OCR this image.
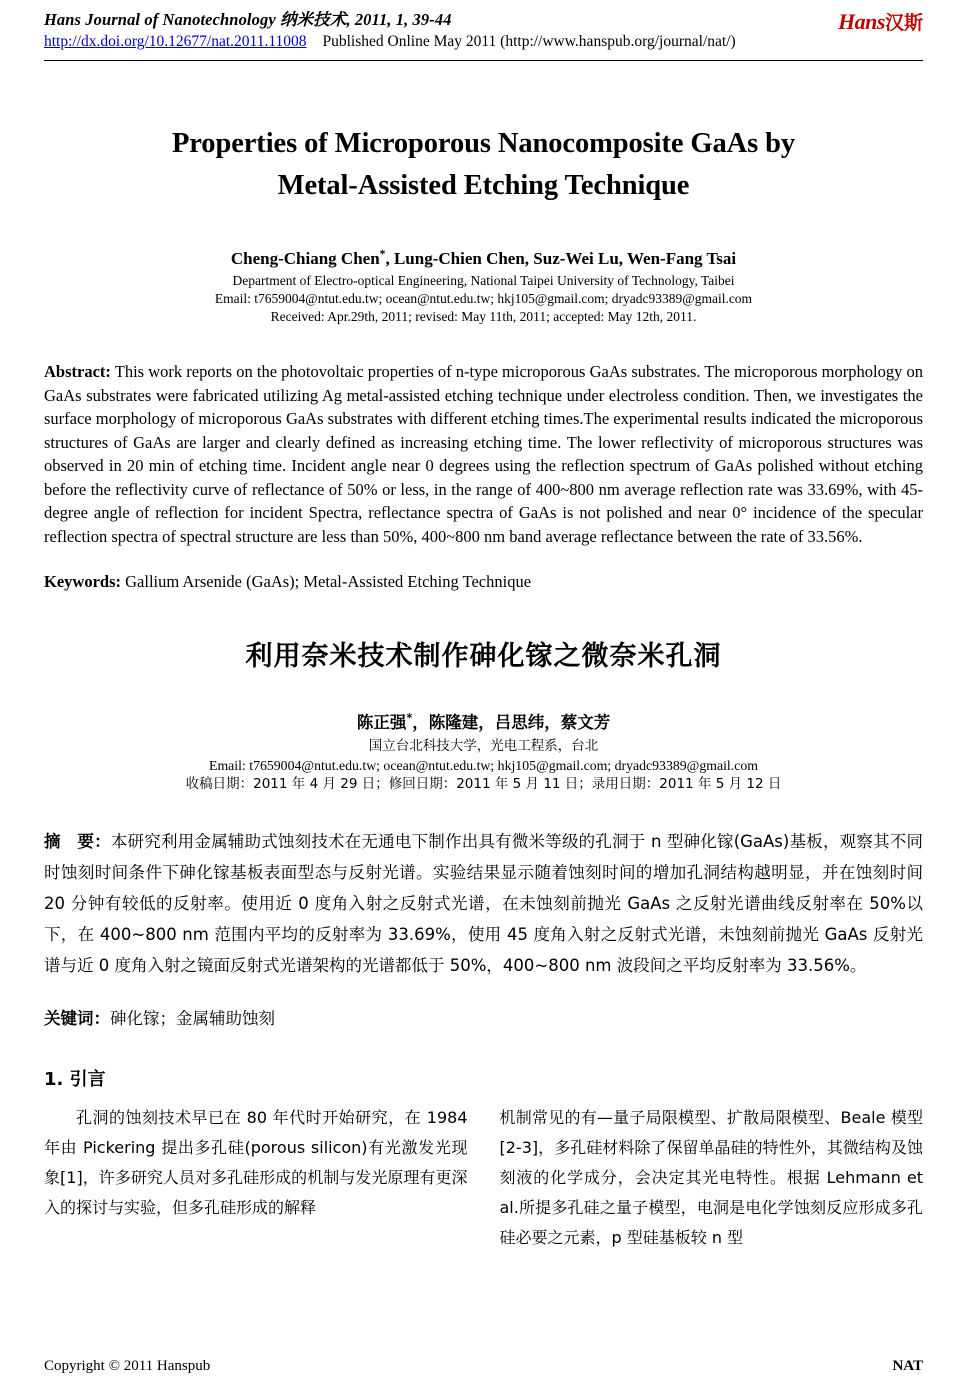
Hans Journal of Nanotechnology 纳米技术, 2011, 1, 39-44
http://dx.doi.org/10.12677/nat.2011.11008 Published Online May 2011 (http://www.hanspub.org/journal/nat/)
Hans汉斯
Properties of Microporous Nanocomposite GaAs by
Metal-Assisted Etching Technique
Cheng-Chiang Chen*, Lung-Chien Chen, Suz-Wei Lu, Wen-Fang Tsai
Department of Electro-optical Engineering, National Taipei University of Technology, Taibei
Email: t7659004@ntut.edu.tw; ocean@ntut.edu.tw; hkj105@gmail.com; dryadc93389@gmail.com
Received: Apr.29th, 2011; revised: May 11th, 2011; accepted: May 12th, 2011.
Abstract: This work reports on the photovoltaic properties of n-type microporous GaAs substrates. The microporous morphology on GaAs substrates were fabricated utilizing Ag metal-assisted etching technique under electroless condition. Then, we investigates the surface morphology of microporous GaAs substrates with different etching times.The experimental results indicated the microporous structures of GaAs are larger and clearly defined as increasing etching time. The lower reflectivity of microporous structures was observed in 20 min of etching time. Incident angle near 0 degrees using the reflection spectrum of GaAs polished without etching before the reflectivity curve of reflectance of 50% or less, in the range of 400~800 nm average reflection rate was 33.69%, with 45-degree angle of reflection for incident Spectra, reflectance spectra of GaAs is not polished and near 0° incidence of the specular reflection spectra of spectral structure are less than 50%, 400~800 nm band average reflectance between the rate of 33.56%.
Keywords: Gallium Arsenide (GaAs); Metal-Assisted Etching Technique
利用奈米技术制作砷化镓之微奈米孔洞
陈正强*，陈隆建，吕思纬，蔡文芳
国立台北科技大学，光电工程系，台北
Email: t7659004@ntut.edu.tw; ocean@ntut.edu.tw; hkj105@gmail.com; dryadc93389@gmail.com
收稿日期：2011 年 4 月 29 日；修回日期：2011 年 5 月 11 日；录用日期：2011 年 5 月 12 日
摘　要：本研究利用金属辅助式蚀刻技术在无通电下制作出具有微米等级的孔洞于 n 型砷化镓(GaAs)基板，观察其不同时蚀刻时间条件下砷化镓基板表面型态与反射光谱。实验结果显示随着蚀刻时间的增加孔洞结构越明显，并在蚀刻时间 20 分钟有较低的反射率。使用近 0 度角入射之反射式光谱，在未蚀刻前抛光 GaAs 之反射光谱曲线反射率在 50%以下，在 400~800 nm 范围内平均的反射率为 33.69%，使用 45 度角入射之反射式光谱，未蚀刻前抛光 GaAs 反射光谱与近 0 度角入射之镜面反射式光谱架构的光谱都低于 50%，400~800 nm 波段间之平均反射率为 33.56%。
关键词：砷化镓；金属辅助蚀刻
1. 引言

孔洞的蚀刻技术早已在 80 年代时开始研究，在 1984 年由 Pickering 提出多孔硅(porous silicon)有光激发光现象[1]，许多研究人员对多孔硅形成的机制与发光原理有更深入的探讨与实验，但多孔硅形成的解释

机制常见的有—量子局限模型、扩散局限模型、Beale 模型[2-3]，多孔硅材料除了保留单晶硅的特性外，其微结构及蚀刻液的化学成分，会决定其光电特性。根据 Lehmann et al.所提多孔硅之量子模型，电洞是电化学蚀刻反应形成多孔硅必要之元素，p 型硅基板较 n 型

Copyright © 2011 Hanspub	NAT
